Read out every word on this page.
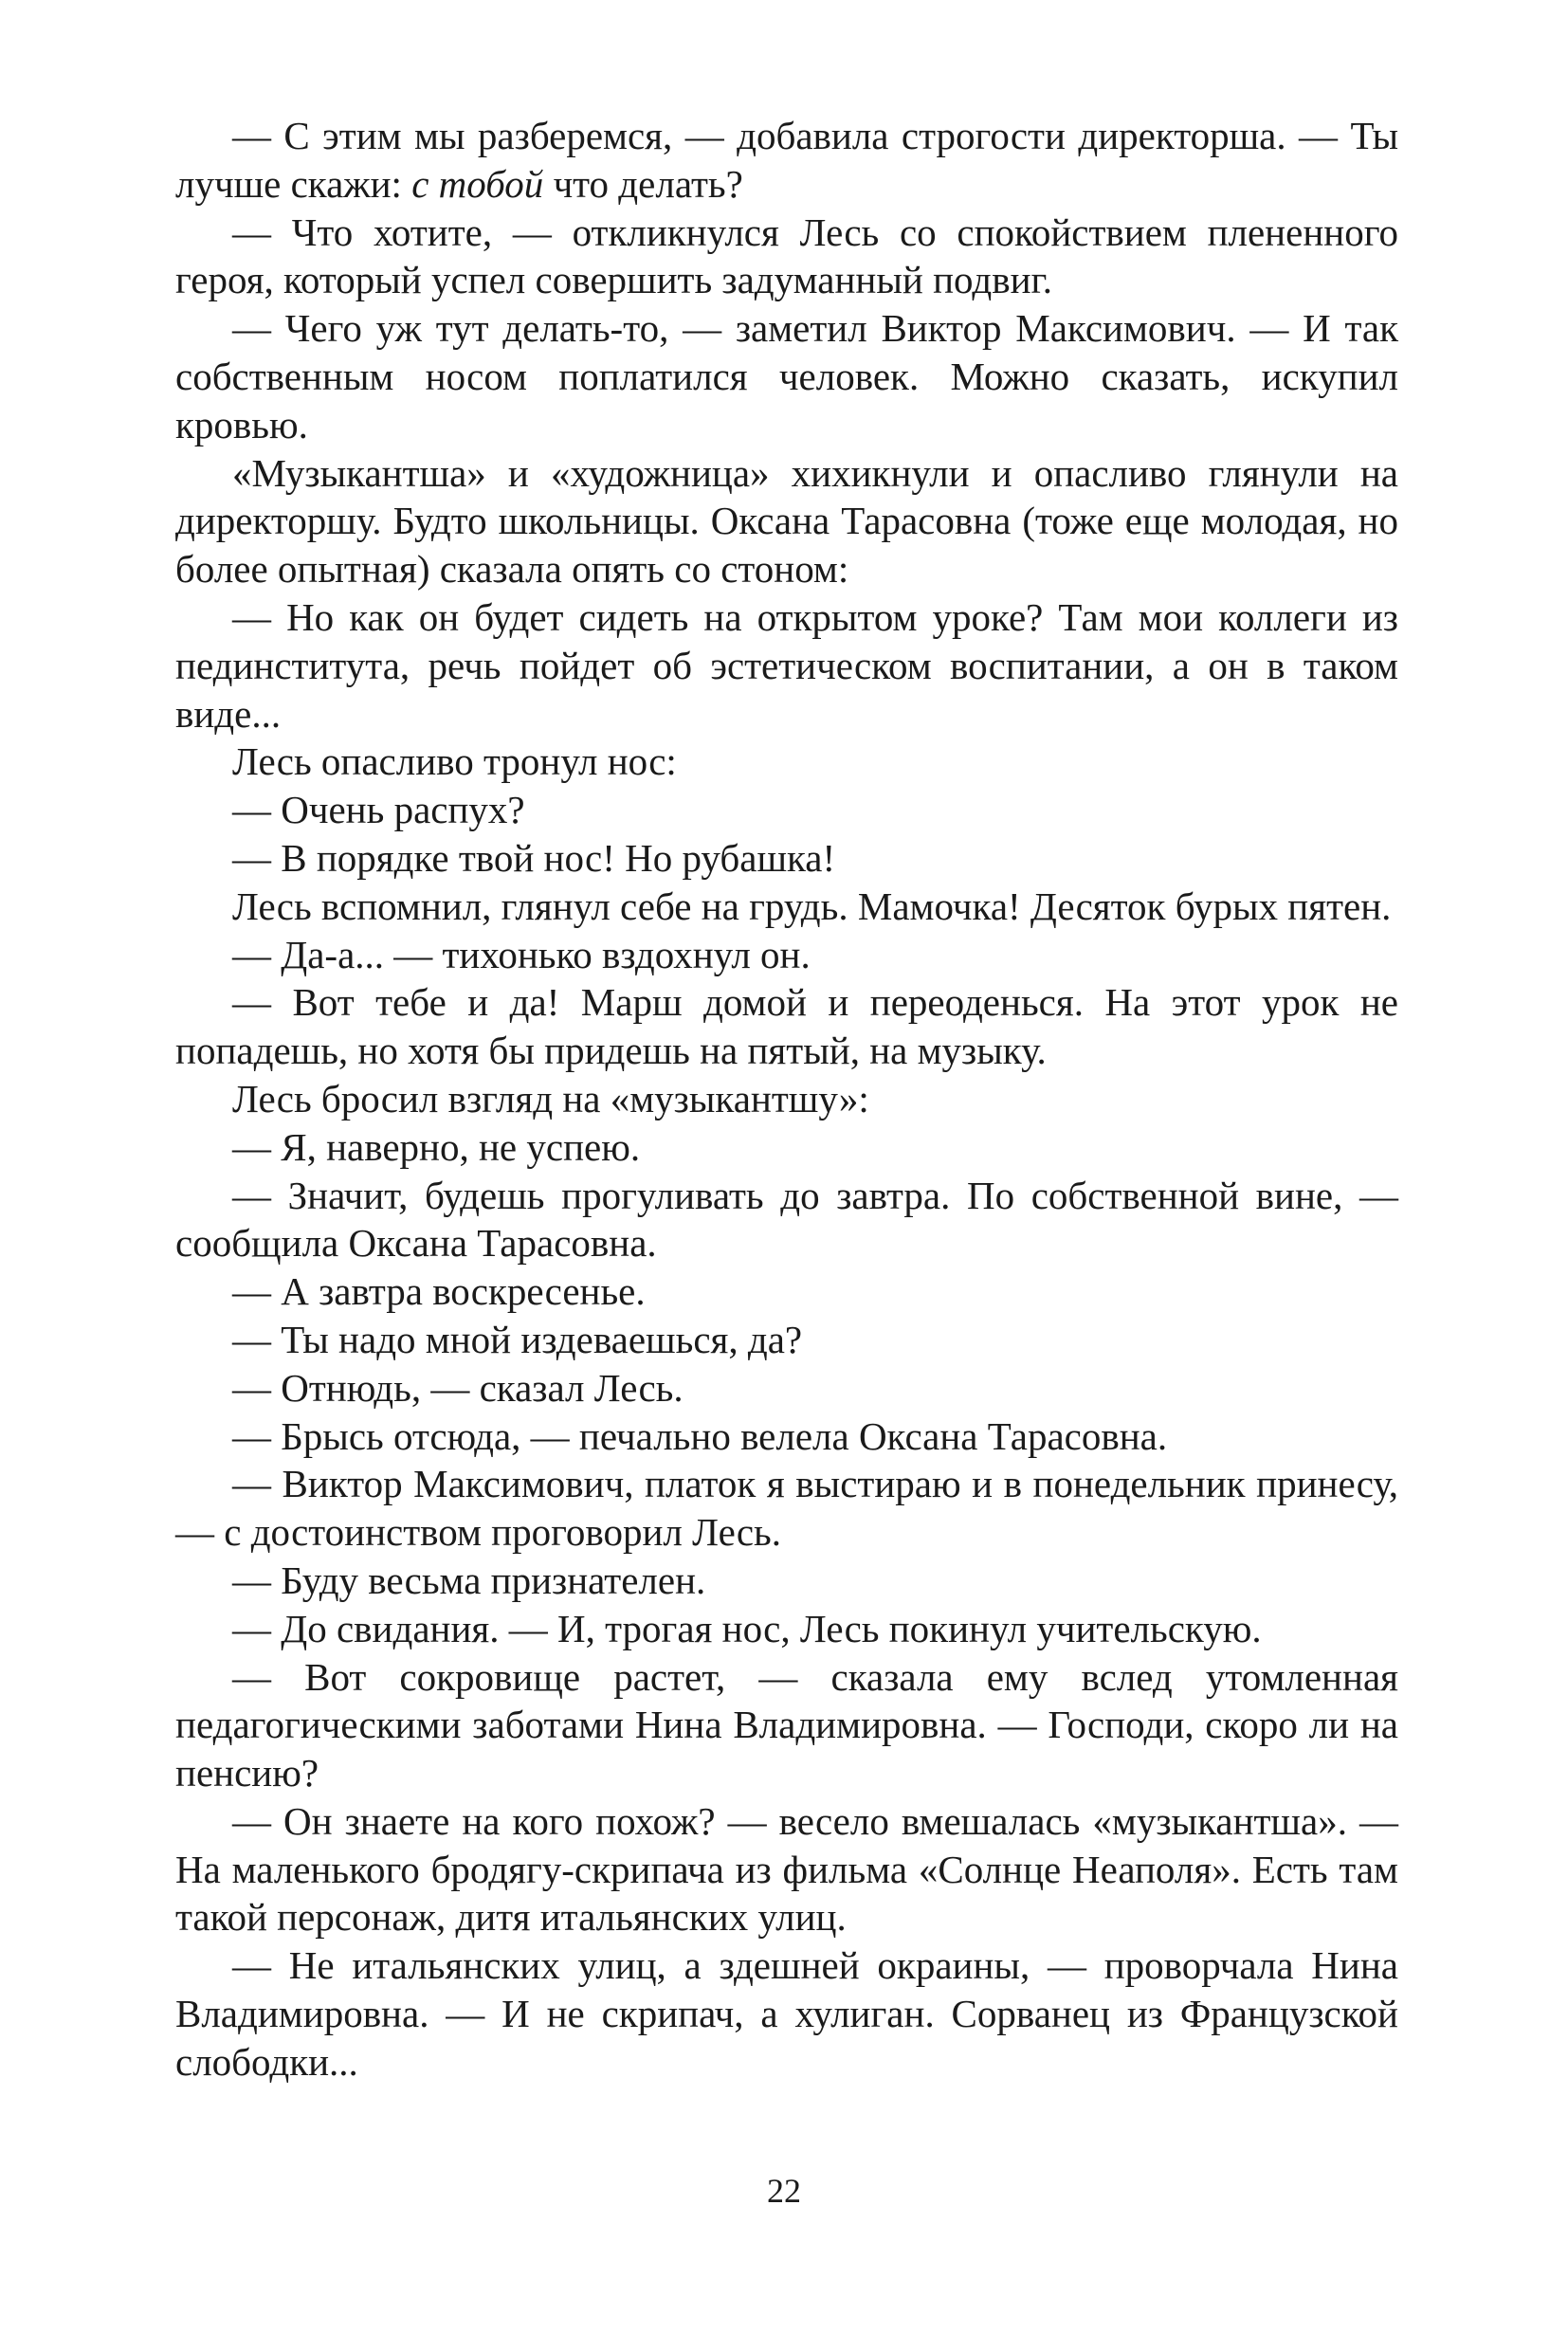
— С этим мы разберемся, — добавила строгости директорша. — Ты лучше скажи: с тобой что делать?

— Что хотите, — откликнулся Лесь со спокойствием плененного героя, который успел совершить задуманный подвиг.

— Чего уж тут делать-то, — заметил Виктор Максимович. — И так собственным носом поплатился человек. Можно сказать, искупил кровью.

«Музыкантша» и «художница» хихикнули и опасливо глянули на директоршу. Будто школьницы. Оксана Тарасовна (тоже еще молодая, но более опытная) сказала опять со стоном:

— Но как он будет сидеть на открытом уроке? Там мои коллеги из пединститута, речь пойдет об эстетическом воспитании, а он в таком виде...

Лесь опасливо тронул нос:

— Очень распух?

— В порядке твой нос! Но рубашка!

Лесь вспомнил, глянул себе на грудь. Мамочка! Десяток бурых пятен.

— Да-а... — тихонько вздохнул он.

— Вот тебе и да! Марш домой и переоденься. На этот урок не попадешь, но хотя бы придешь на пятый, на музыку.

Лесь бросил взгляд на «музыкантшу»:

— Я, наверно, не успею.

— Значит, будешь прогуливать до завтра. По собственной вине, — сообщила Оксана Тарасовна.

— А завтра воскресенье.

— Ты надо мной издеваешься, да?

— Отнюдь, — сказал Лесь.

— Брысь отсюда, — печально велела Оксана Тарасовна.

— Виктор Максимович, платок я выстираю и в понедельник принесу, — с достоинством проговорил Лесь.

— Буду весьма признателен.

— До свидания. — И, трогая нос, Лесь покинул учительскую.

— Вот сокровище растет, — сказала ему вслед утомленная педагогическими заботами Нина Владимировна. — Господи, скоро ли на пенсию?

— Он знаете на кого похож? — весело вмешалась «музыкантша». — На маленького бродягу-скрипача из фильма «Солнце Неаполя». Есть там такой персонаж, дитя итальянских улиц.

— Не итальянских улиц, а здешней окраины, — проворчала Нина Владимировна. — И не скрипач, а хулиган. Сорванец из Французской слободки...

22
